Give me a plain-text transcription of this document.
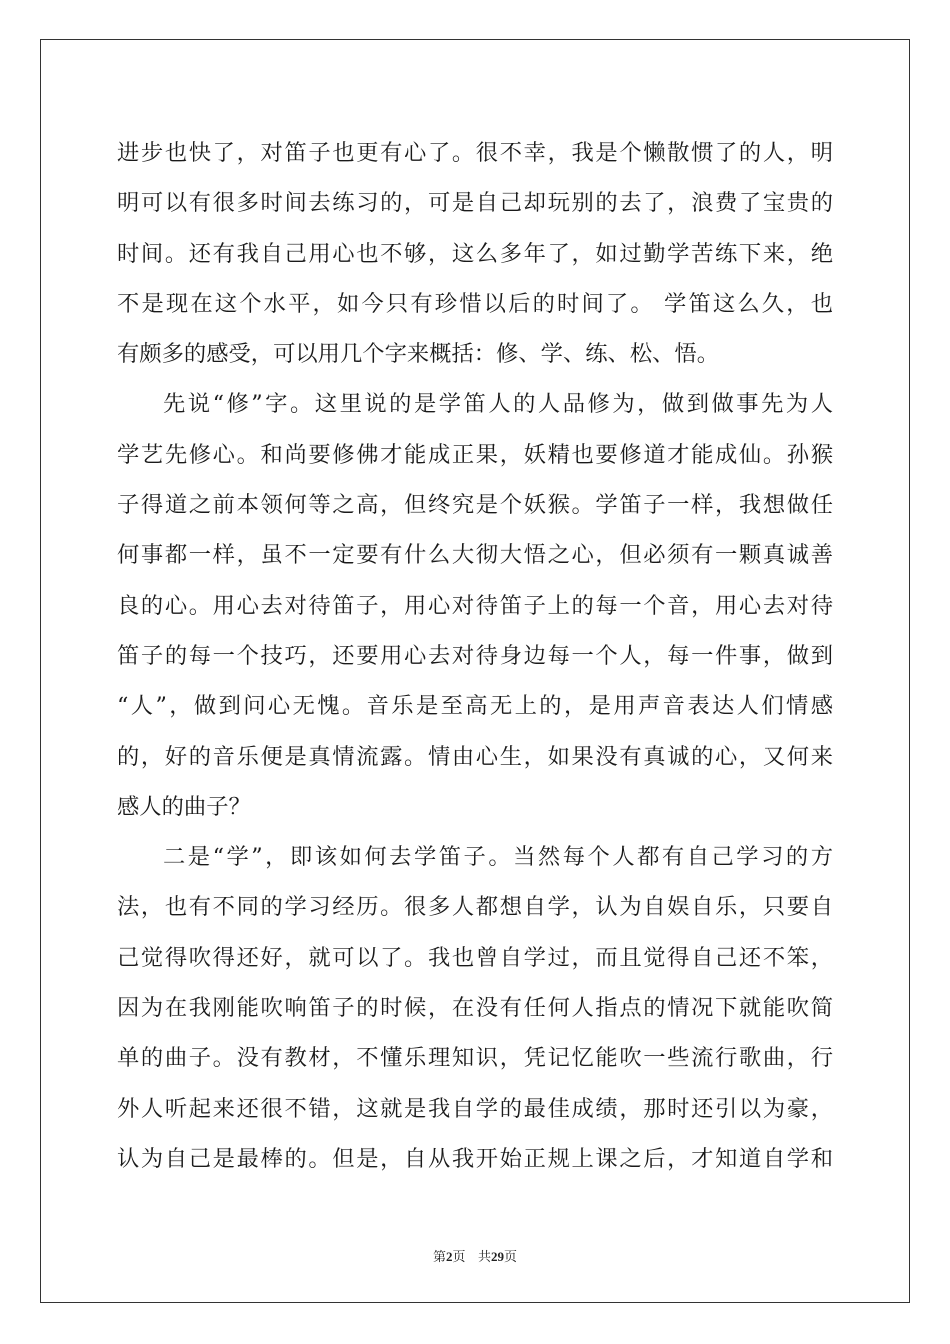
进步也快了，对笛子也更有心了。很不幸，我是个懒散惯了的人，明
明可以有很多时间去练习的，可是自己却玩别的去了，浪费了宝贵的
时间。还有我自己用心也不够，这么多年了，如过勤学苦练下来，绝
不是现在这个水平，如今只有珍惜以后的时间了。 学笛这么久，也
有颇多的感受，可以用几个字来概括：修、学、练、松、悟。
先说“修”字。这里说的是学笛人的人品修为，做到做事先为人
学艺先修心。和尚要修佛才能成正果，妖精也要修道才能成仙。孙猴
子得道之前本领何等之高，但终究是个妖猴。学笛子一样，我想做任
何事都一样，虽不一定要有什么大彻大悟之心，但必须有一颗真诚善
良的心。用心去对待笛子，用心对待笛子上的每一个音，用心去对待
笛子的每一个技巧，还要用心去对待身边每一个人，每一件事，做到
“人”，做到问心无愧。音乐是至高无上的，是用声音表达人们情感
的，好的音乐便是真情流露。情由心生，如果没有真诚的心，又何来
感人的曲子？
二是“学”，即该如何去学笛子。当然每个人都有自己学习的方
法，也有不同的学习经历。很多人都想自学，认为自娱自乐，只要自
己觉得吹得还好，就可以了。我也曾自学过，而且觉得自己还不笨，
因为在我刚能吹响笛子的时候，在没有任何人指点的情况下就能吹简
单的曲子。没有教材，不懂乐理知识，凭记忆能吹一些流行歌曲，行
外人听起来还很不错，这就是我自学的最佳成绩，那时还引以为豪，
认为自己是最棒的。但是，自从我开始正规上课之后，才知道自学和
第2页 共29页
